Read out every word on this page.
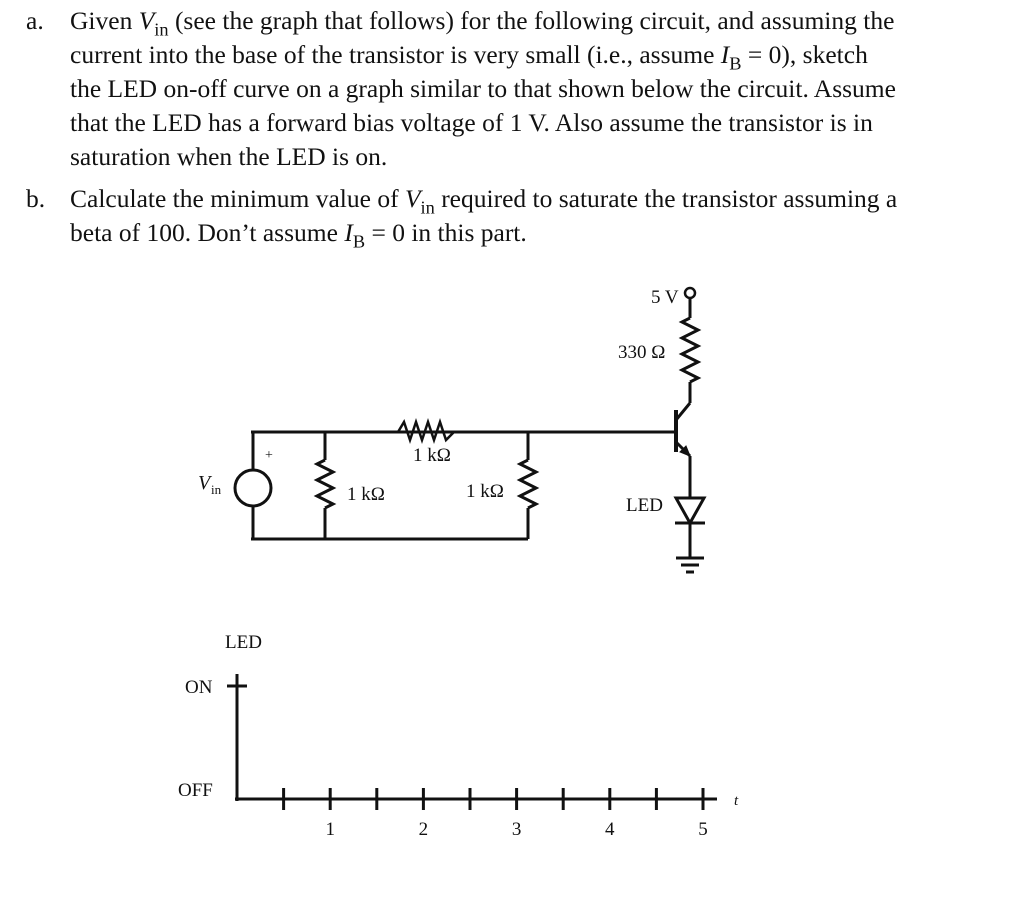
a. Given $V_{in}$ (see the graph that follows) for the following circuit, and assuming the
current into the base of the transistor is very small (i.e., assume $I_B = 0$), sketch
the LED on-off curve on a graph similar to that shown below the circuit. Assume
that the LED has a forward bias voltage of 1 V. Also assume the transistor is in
saturation when the LED is on.
b. Calculate the minimum value of $V_{in}$ required to saturate the transistor assuming a
beta of 100. Don’t assume $I_B = 0$ in this part.
5 V
330 Ω
1 kΩ
1 kΩ	1 kΩ
LED
+
V in
LED
ON
OFF	t
1	2	3	4	5
